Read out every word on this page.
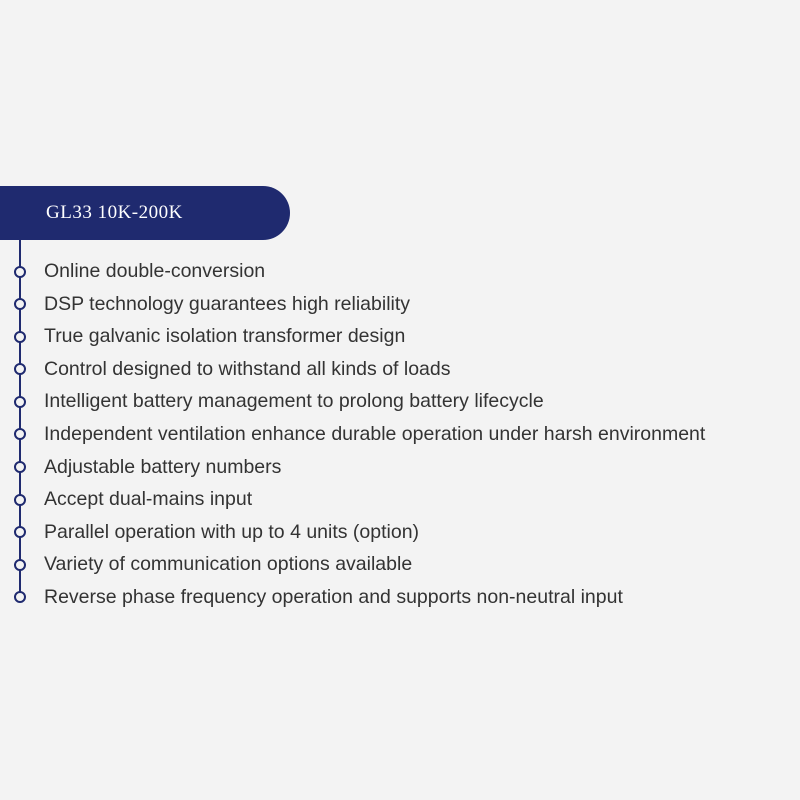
GL33 10K-200K
Online double-conversion
DSP technology guarantees high reliability
True galvanic isolation transformer design
Control designed to withstand all kinds of loads
Intelligent battery management to prolong battery lifecycle
Independent ventilation enhance durable operation under harsh environment
Adjustable battery numbers
Accept dual-mains input
Parallel operation with up to 4 units (option)
Variety of communication options available
Reverse phase frequency operation and supports non-neutral input
